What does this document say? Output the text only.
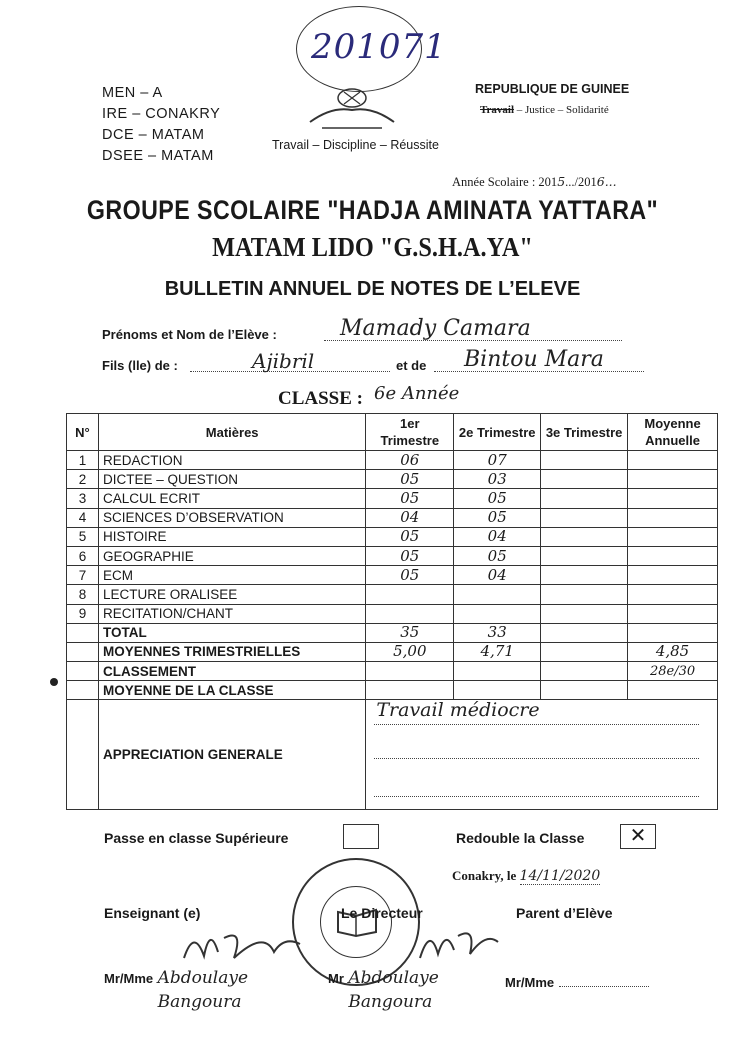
201071
MEN – A
IRE – CONAKRY
DCE – MATAM
DSEE – MATAM
Travail – Discipline – Réussite
REPUBLIQUE DE GUINEE
Travail – Justice – Solidarité
Année Scolaire : 2015.../2016...
GROUPE SCOLAIRE "HADJA AMINATA YATTARA"
MATAM LIDO "G.S.H.A.YA"
BULLETIN ANNUEL DE NOTES DE L’ELEVE
Prénoms et Nom de l’Elève :	Mamady Camara
Fils (lle) de :	Ajibril	et de Bintou Mara
CLASSE : 6e Année
N°	Matières	1er Trimestre	2e Trimestre	3e Trimestre	Moyenne Annuelle
1	REDACTION	06	07		
2	DICTEE – QUESTION	05	03		
3	CALCUL ECRIT	05	05		
4	SCIENCES D’OBSERVATION	04	05		
5	HISTOIRE	05	04		
6	GEOGRAPHIE	05	05		
7	ECM	05	04		
8	LECTURE ORALISEE				
9	RECITATION/CHANT				
	TOTAL	35	33		
	MOYENNES TRIMESTRIELLES	5,00	4,71		4,85
	CLASSEMENT				28e/30
	MOYENNE DE LA CLASSE				
	APPRECIATION GENERALE	Travail médiocre			
Passe en classe Supérieure	Redouble la Classe	✕
Conakry, le 14/11/2020
Enseignant (e)	Le Directeur	Parent d’Elève
Mr/Mme Abdoulaye Bangoura
Mr Abdoulaye Bangoura
Mr/Mme
